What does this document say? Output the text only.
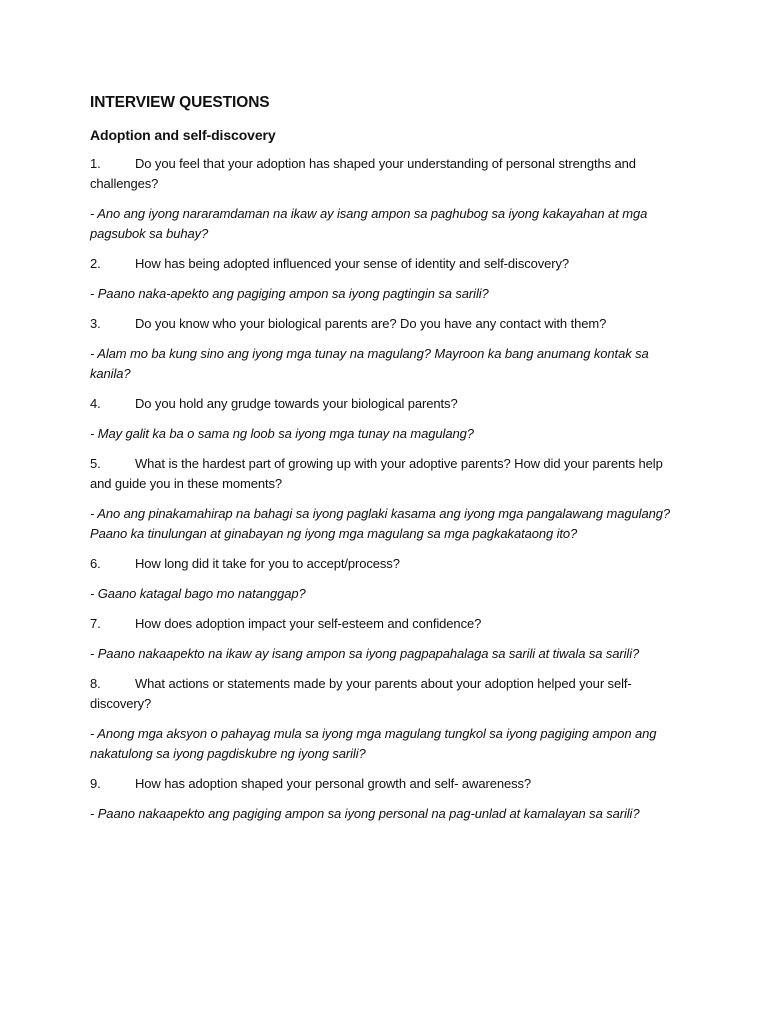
INTERVIEW QUESTIONS
Adoption and self-discovery

1.	Do you feel that your adoption has shaped your understanding of personal strengths and challenges?

- Ano ang iyong nararamdaman na ikaw ay isang ampon sa paghubog sa iyong kakayahan at mga pagsubok sa buhay?

2.	How has being adopted influenced your sense of identity and self-discovery?

- Paano naka-apekto ang pagiging ampon sa iyong pagtingin sa sarili?

3.	Do you know who your biological parents are? Do you have any contact with them?

- Alam mo ba kung sino ang iyong mga tunay na magulang? Mayroon ka bang anumang kontak sa kanila?

4.	Do you hold any grudge towards your biological parents?

- May galit ka ba o sama ng loob sa iyong mga tunay na magulang?

5.	What is the hardest part of growing up with your adoptive parents? How did your parents help and guide you in these moments?

- Ano ang pinakamahirap na bahagi sa iyong paglaki kasama ang iyong mga pangalawang magulang? Paano ka tinulungan at ginabayan ng iyong mga magulang sa mga pagkakataong ito?

6.	How long did it take for you to accept/process?

- Gaano katagal bago mo natanggap?

7.	How does adoption impact your self-esteem and confidence?

- Paano nakaapekto na ikaw ay isang ampon sa iyong pagpapahalaga sa sarili at tiwala sa sarili?

8.	What actions or statements made by your parents about your adoption helped your self-discovery?

- Anong mga aksyon o pahayag mula sa iyong mga magulang tungkol sa iyong pagiging ampon ang nakatulong sa iyong pagdiskubre ng iyong sarili?

9.	How has adoption shaped your personal growth and self- awareness?

- Paano nakaapekto ang pagiging ampon sa iyong personal na pag-unlad at kamalayan sa sarili?
